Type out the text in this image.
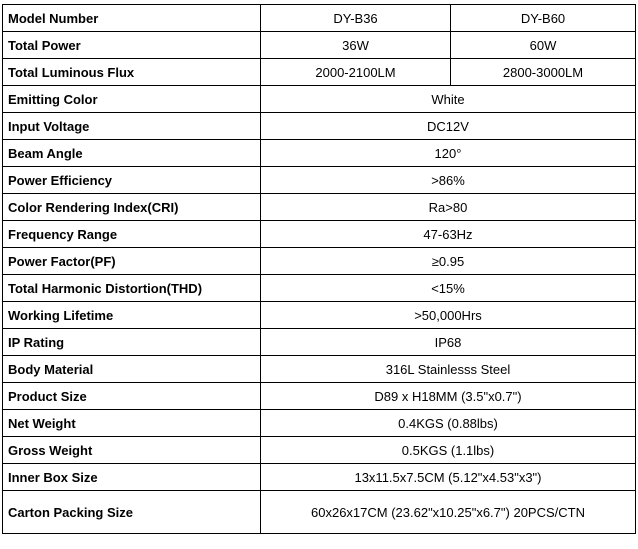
Model Number	DY-B36	DY-B60
Total Power	36W	60W
Total Luminous Flux	2000-2100LM	2800-3000LM
Emitting Color	White	
Input Voltage	DC12V	
Beam Angle	120°	
Power Efficiency	>86%	
Color Rendering Index(CRI)	Ra>80	
Frequency Range	47-63Hz	
Power Factor(PF)	≥0.95	
Total Harmonic Distortion(THD)	<15%	
Working Lifetime	>50,000Hrs	
IP Rating	IP68	
Body Material	316L Stainlesss Steel	
Product Size	D89 x H18MM (3.5"x0.7")	
Net Weight	0.4KGS (0.88lbs)	
Gross Weight	0.5KGS (1.1lbs)	
Inner Box Size	13x11.5x7.5CM (5.12"x4.53"x3")	
Carton Packing Size	60x26x17CM (23.62"x10.25"x6.7") 20PCS/CTN	
